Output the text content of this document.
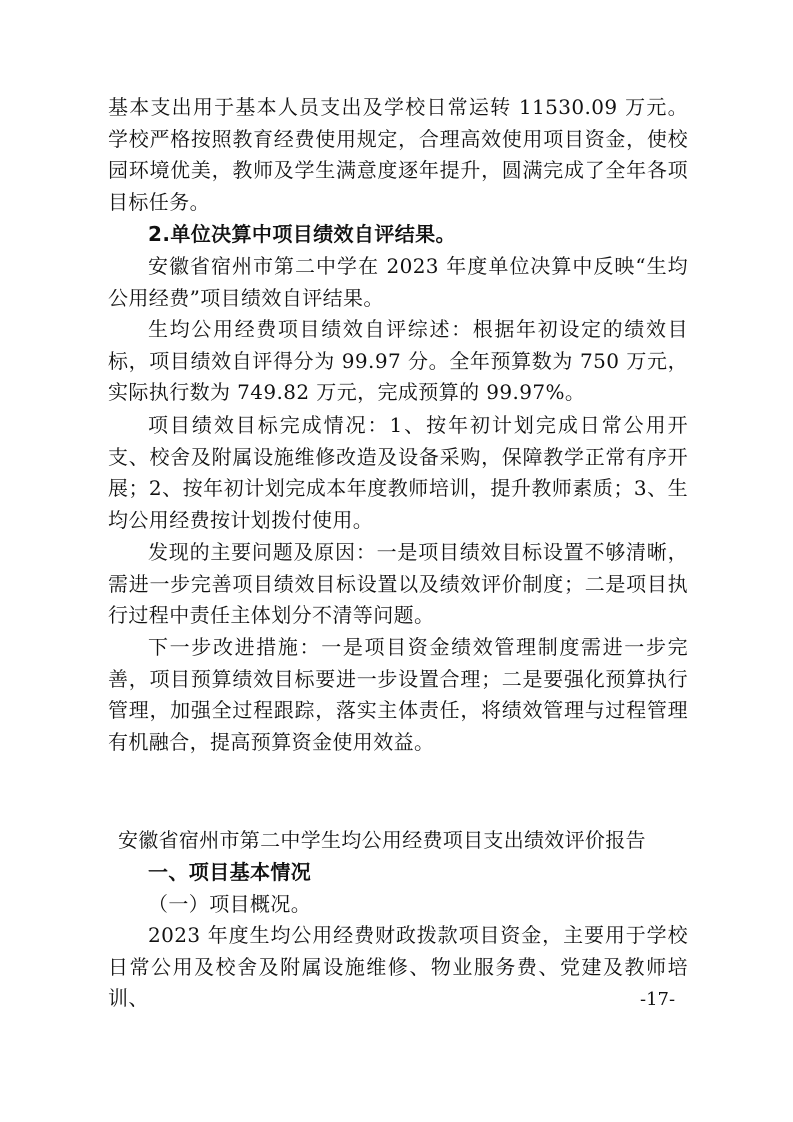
基本支出用于基本人员支出及学校日常运转 11530.09 万元。学校严格按照教育经费使用规定，合理高效使用项目资金，使校园环境优美，教师及学生满意度逐年提升，圆满完成了全年各项目标任务。

2.单位决算中项目绩效自评结果。

安徽省宿州市第二中学在 2023 年度单位决算中反映“生均公用经费”项目绩效自评结果。

生均公用经费项目绩效自评综述：根据年初设定的绩效目标，项目绩效自评得分为 99.97 分。全年预算数为 750 万元，实际执行数为 749.82 万元，完成预算的 99.97%。

项目绩效目标完成情况：1、按年初计划完成日常公用开支、校舍及附属设施维修改造及设备采购，保障教学正常有序开展；2、按年初计划完成本年度教师培训，提升教师素质；3、生均公用经费按计划拨付使用。

发现的主要问题及原因：一是项目绩效目标设置不够清晰，需进一步完善项目绩效目标设置以及绩效评价制度；二是项目执行过程中责任主体划分不清等问题。

下一步改进措施：一是项目资金绩效管理制度需进一步完善，项目预算绩效目标要进一步设置合理；二是要强化预算执行管理，加强全过程跟踪，落实主体责任，将绩效管理与过程管理有机融合，提高预算资金使用效益。

安徽省宿州市第二中学生均公用经费项目支出绩效评价报告

一、项目基本情况

（一）项目概况。

2023 年度生均公用经费财政拨款项目资金，主要用于学校日常公用及校舍及附属设施维修、物业服务费、党建及教师培训、	-17-
